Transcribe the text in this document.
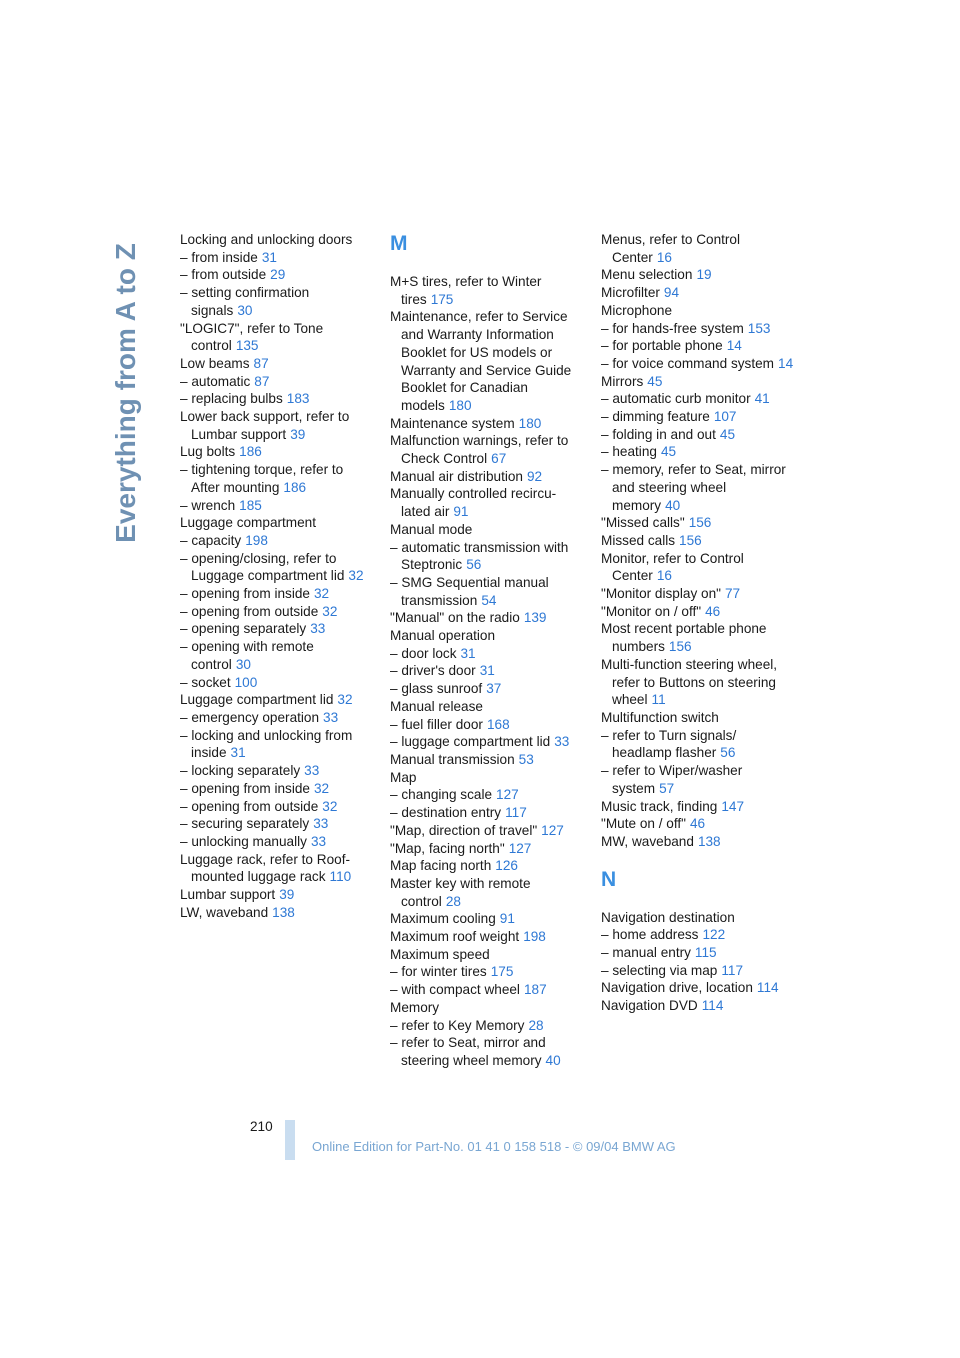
Everything from A to Z
Locking and unlocking doors
– from inside 31
– from outside 29
– setting confirmation signals 30
"LOGIC7", refer to Tone control 135
Low beams 87
– automatic 87
– replacing bulbs 183
Lower back support, refer to Lumbar support 39
Lug bolts 186
– tightening torque, refer to After mounting 186
– wrench 185
Luggage compartment
– capacity 198
– opening/closing, refer to Luggage compartment lid 32
– opening from inside 32
– opening from outside 32
– opening separately 33
– opening with remote control 30
– socket 100
Luggage compartment lid 32
– emergency operation 33
– locking and unlocking from inside 31
– locking separately 33
– opening from inside 32
– opening from outside 32
– securing separately 33
– unlocking manually 33
Luggage rack, refer to Roof-mounted luggage rack 110
Lumbar support 39
LW, waveband 138
M
M+S tires, refer to Winter tires 175
Maintenance, refer to Service and Warranty Information Booklet for US models or Warranty and Service Guide Booklet for Canadian models 180
Maintenance system 180
Malfunction warnings, refer to Check Control 67
Manual air distribution 92
Manually controlled recircu-lated air 91
Manual mode
– automatic transmission with Steptronic 56
– SMG Sequential manual transmission 54
"Manual" on the radio 139
Manual operation
– door lock 31
– driver's door 31
– glass sunroof 37
Manual release
– fuel filler door 168
– luggage compartment lid 33
Manual transmission 53
Map
– changing scale 127
– destination entry 117
"Map, direction of travel" 127
"Map, facing north" 127
Map facing north 126
Master key with remote control 28
Maximum cooling 91
Maximum roof weight 198
Maximum speed
– for winter tires 175
– with compact wheel 187
Memory
– refer to Key Memory 28
– refer to Seat, mirror and steering wheel memory 40
Menus, refer to Control Center 16
Menu selection 19
Microfilter 94
Microphone
– for hands-free system 153
– for portable phone 14
– for voice command system 14
Mirrors 45
– automatic curb monitor 41
– dimming feature 107
– folding in and out 45
– heating 45
– memory, refer to Seat, mirror and steering wheel memory 40
"Missed calls" 156
Missed calls 156
Monitor, refer to Control Center 16
"Monitor display on" 77
"Monitor on / off" 46
Most recent portable phone numbers 156
Multi-function steering wheel, refer to Buttons on steering wheel 11
Multifunction switch
– refer to Turn signals/ headlamp flasher 56
– refer to Wiper/washer system 57
Music track, finding 147
"Mute on / off" 46
MW, waveband 138
N
Navigation destination
– home address 122
– manual entry 115
– selecting via map 117
Navigation drive, location 114
Navigation DVD 114
210
Online Edition for Part-No. 01 41 0 158 518 - © 09/04 BMW AG
